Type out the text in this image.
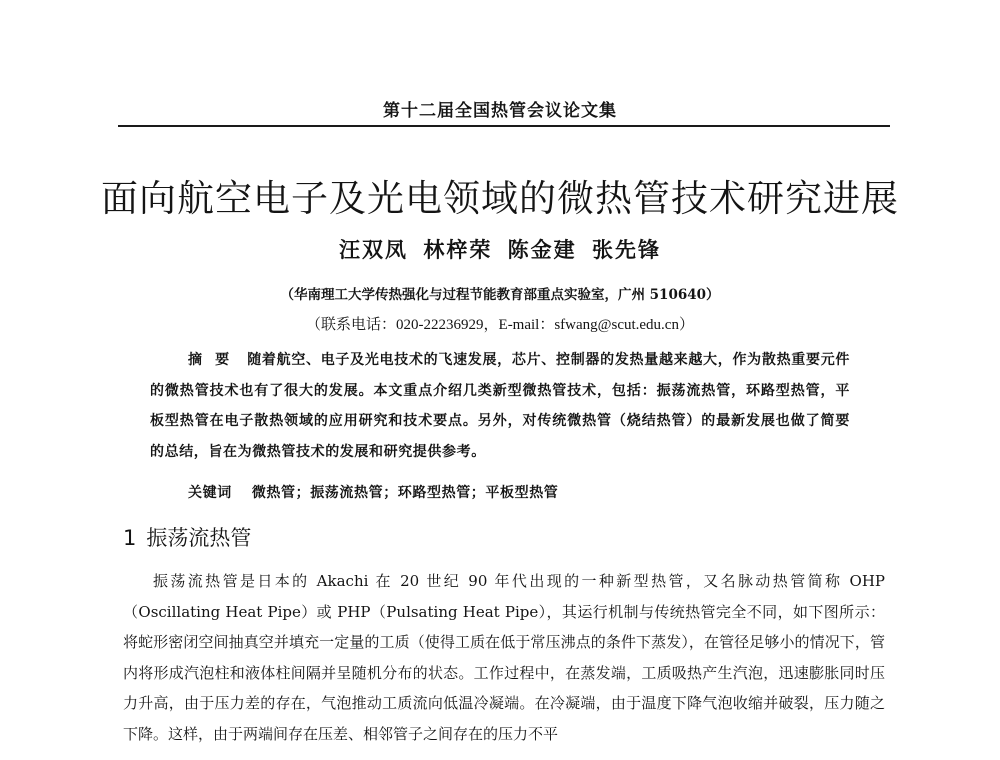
第十二届全国热管会议论文集
面向航空电子及光电领域的微热管技术研究进展
汪双凤 林梓荣 陈金建 张先锋
（华南理工大学传热强化与过程节能教育部重点实验室，广州 510640）
（联系电话：020-22236929，E-mail：sfwang@scut.edu.cn）
摘 要 随着航空、电子及光电技术的飞速发展，芯片、控制器的发热量越来越大，作为散热重要元件的微热管技术也有了很大的发展。本文重点介绍几类新型微热管技术，包括：振荡流热管，环路型热管，平板型热管在电子散热领域的应用研究和技术要点。另外，对传统微热管（烧结热管）的最新发展也做了简要的总结，旨在为微热管技术的发展和研究提供参考。
关键词 微热管；振荡流热管；环路型热管；平板型热管
1 振荡流热管
振荡流热管是日本的 Akachi 在 20 世纪 90 年代出现的一种新型热管，又名脉动热管简称 OHP（Oscillating Heat Pipe）或 PHP（Pulsating Heat Pipe），其运行机制与传统热管完全不同，如下图所示：将蛇形密闭空间抽真空并填充一定量的工质（使得工质在低于常压沸点的条件下蒸发），在管径足够小的情况下，管内将形成汽泡柱和液体柱间隔并呈随机分布的状态。工作过程中，在蒸发端，工质吸热产生汽泡，迅速膨胀同时压力升高，由于压力差的存在，气泡推动工质流向低温冷凝端。在冷凝端，由于温度下降气泡收缩并破裂，压力随之下降。这样，由于两端间存在压差、相邻管子之间存在的压力不平
